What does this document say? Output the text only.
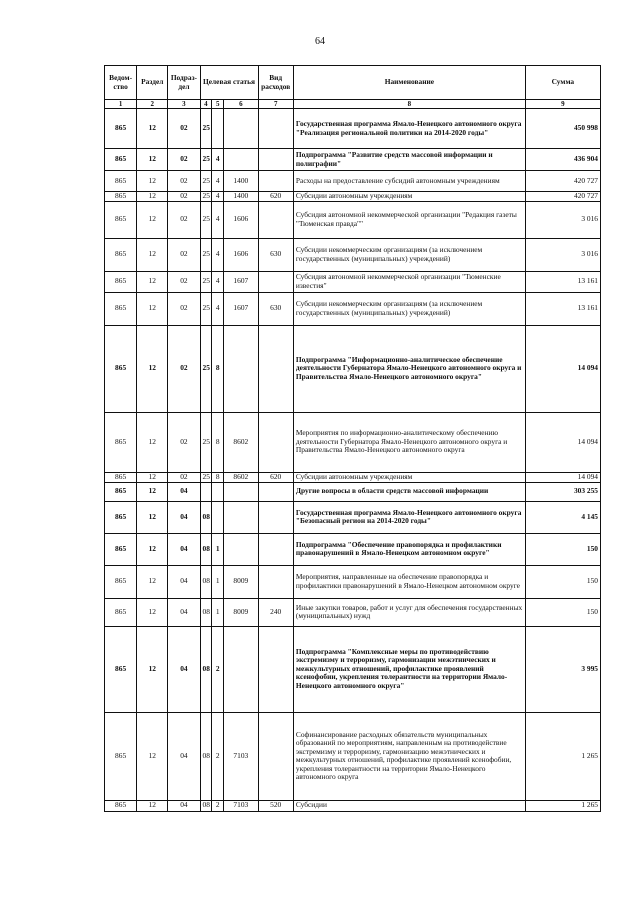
64
Ведом-ство	Раздел	Подраз-дел	Целевая статья			Вид расходов	Наименование	Сумма
1	2	3	4	5	6	7	8	9
865	12	02	25				Государственная программа Ямало-Ненецкого автономного округа "Реализация региональной политики на 2014-2020 годы"	450 998
865	12	02	25	4			Подпрограмма "Развитие средств массовой информации и полиграфии"	436 904
865	12	02	25	4	1400		Расходы на предоставление субсидий автономным учреждениям	420 727
865	12	02	25	4	1400	620	Субсидии автономным учреждениям	420 727
865	12	02	25	4	1606		Субсидия автономной некоммерческой организации "Редакция газеты "Тюменская правда""	3 016
865	12	02	25	4	1606	630	Субсидии некоммерческим организациям (за исключением государственных (муниципальных) учреждений)	3 016
865	12	02	25	4	1607		Субсидия автономной некоммерческой организации "Тюменские известия"	13 161
865	12	02	25	4	1607	630	Субсидии некоммерческим организациям (за исключением государственных (муниципальных) учреждений)	13 161
865	12	02	25	8			Подпрограмма "Информационно-аналитическое обеспечение деятельности Губернатора Ямало-Ненецкого автономного округа и Правительства Ямало-Ненецкого автономного округа"	14 094
865	12	02	25	8	8602		Мероприятия по информационно-аналитическому обеспечению деятельности Губернатора Ямало-Ненецкого автономного округа и Правительства Ямало-Ненецкого автономного округа	14 094
865	12	02	25	8	8602	620	Субсидии автономным учреждениям	14 094
865	12	04					Другие вопросы в области средств массовой информации	303 255
865	12	04	08				Государственная программа Ямало-Ненецкого автономного округа "Безопасный регион на 2014-2020 годы"	4 145
865	12	04	08	1			Подпрограмма "Обеспечение правопорядка и профилактики правонарушений в Ямало-Ненецком автономном округе"	150
865	12	04	08	1	8009		Мероприятия, направленные на обеспечение правопорядка и профилактики правонарушений в Ямало-Ненецком автономном округе	150
865	12	04	08	1	8009	240	Иные закупки товаров, работ и услуг для обеспечения государственных (муниципальных) нужд	150
865	12	04	08	2			Подпрограмма "Комплексные меры по противодействию экстремизму и терроризму, гармонизации межэтнических и межкультурных отношений, профилактике проявлений ксенофобии, укрепления толерантности на территории Ямало-Ненецкого автономного округа"	3 995
865	12	04	08	2	7103		Софинансирование расходных обязательств муниципальных образований по мероприятиям, направленным на противодействие экстремизму и терроризму, гармонизацию межэтнических и межкультурных отношений, профилактике проявлений ксенофобии, укрепления толерантности на территории Ямало-Ненецкого автономного округа	1 265
865	12	04	08	2	7103	520	Субсидии	1 265
